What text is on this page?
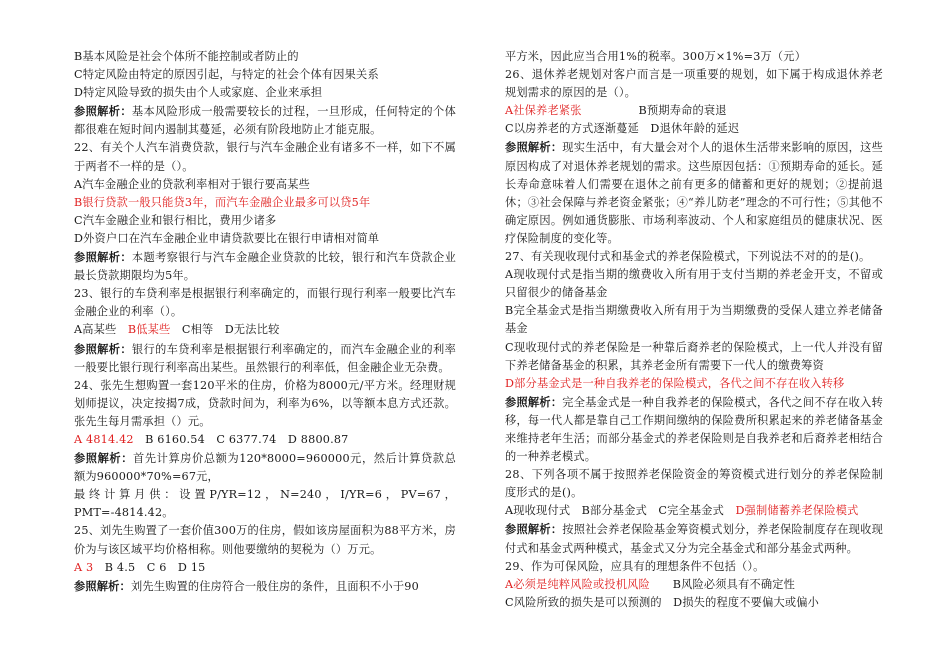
B基本风险是社会个体所不能控制或者防止的

C特定风险由特定的原因引起，与特定的社会个体有因果关系

D特定风险导致的损失由个人或家庭、企业来承担

参照解析：基本风险形成一般需要较长的过程，一旦形成，任何特定的个体都很难在短时间内遏制其蔓延，必须有阶段地防止才能克服。

22、有关个人汽车消费贷款，银行与汽车金融企业有诸多不一样，如下不属于两者不一样的是（）。

A汽车金融企业的贷款利率相对于银行要高某些

B银行贷款一般只能贷3年，而汽车金融企业最多可以贷5年

C汽车金融企业和银行相比，费用少诸多

D外资户口在汽车金融企业申请贷款要比在银行申请相对简单

参照解析：本题考察银行与汽车金融企业贷款的比较，银行和汽车贷款企业最长贷款期限均为5年。

23、银行的车贷利率是根据银行利率确定的，而银行现行利率一般要比汽车金融企业的利率（）。

A高某些　B低某些　C相等　D无法比较

参照解析：银行的车贷利率是根据银行利率确定的，而汽车金融企业的利率一般要比银行现行利率高出某些。虽然银行的利率低，但金融企业无杂费。

24、张先生想购置一套120平米的住房，价格为8000元/平方米。经理财规划师提议，决定按揭7成，贷款时间为，利率为6%，以等额本息方式还款。张先生每月需承担（）元。

A 4814.42　B 6160.54　C 6377.74　D 8800.87

参照解析：首先计算房价总额为120*8000=960000元，然后计算贷款总额为960000*70%=67元，

最终计算月供：设置P/YR=12，N=240，I/YR=6，PV=67，PMT=-4814.42。

25、刘先生购置了一套价值300万的住房，假如该房屋面积为88平方米，房价为与该区域平均价格相称。则他要缴纳的契税为（）万元。

A 3　B 4.5　C 6　D 15

参照解析：刘先生购置的住房符合一般住房的条件，且面积不小于90

平方米，因此应当合用1%的税率。300万×1%=3万（元）

26、退休养老规划对客户而言是一项重要的规划，如下属于构成退休养老规划需求的原因的是（）。

A社保养老紧张　　　　　B预期寿命的衰退

C以房养老的方式逐渐蔓延　D退休年龄的延迟

参照解析：现实生活中，有大量会对个人的退休生活带来影响的原因，这些原因构成了对退休养老规划的需求。这些原因包括：①预期寿命的延长。延长寿命意味着人们需要在退休之前有更多的储蓄和更好的规划；②提前退休；③社会保障与养老资金紧张；④“养儿防老”理念的不可行性；⑤其他不确定原因。例如通货膨胀、市场利率波动、个人和家庭组员的健康状况、医疗保险制度的变化等。

27、有关现收现付式和基金式的养老保险模式，下列说法不对的的是()。

A现收现付式是指当期的缴费收入所有用于支付当期的养老金开支，不留或只留很少的储备基金

B完全基金式是指当期缴费收入所有用于为当期缴费的受保人建立养老储备基金

C现收现付式的养老保险是一种靠后裔养老的保险模式，上一代人并没有留下养老储备基金的积累，其养老金所有需要下一代人的缴费筹资

D部分基金式是一种自我养老的保险模式，各代之间不存在收入转移

参照解析：完全基金式是一种自我养老的保险模式，各代之间不存在收入转移，每一代人都是靠自己工作期间缴纳的保险费所积累起来的养老储备基金来维持老年生活；而部分基金式的养老保险则是自我养老和后裔养老相结合的一种养老模式。

28、下列各项不属于按照养老保险资金的筹资模式进行划分的养老保险制度形式的是()。

A现收现付式　B部分基金式　C完全基金式　D强制储蓄养老保险模式

参照解析：按照社会养老保险基金筹资模式划分，养老保险制度存在现收现付式和基金式两种模式，基金式又分为完全基金式和部分基金式两种。

29、作为可保风险，应具有的理想条件不包括（）。

A必须是纯粹风险或投机风险　　B风险必须具有不确定性

C风险所致的损失是可以预测的　D损失的程度不要偏大或偏小
